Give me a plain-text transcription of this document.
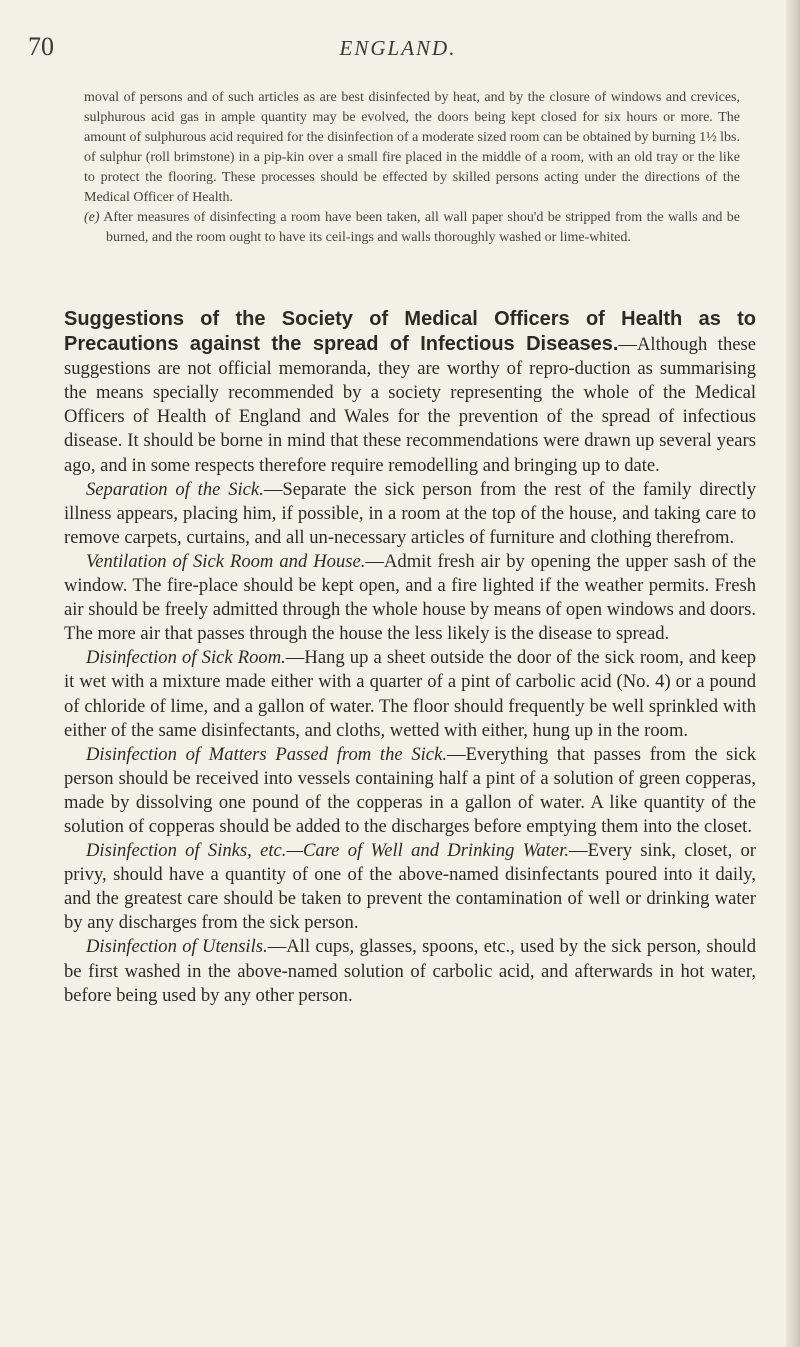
70	ENGLAND.

moval of persons and of such articles as are best disinfected by heat, and by the closure of windows and crevices, sulphurous acid gas in ample quantity may be evolved, the doors being kept closed for six hours or more. The amount of sulphurous acid required for the disinfection of a moderate sized room can be obtained by burning 1½ lbs. of sulphur (roll brimstone) in a pip-kin over a small fire placed in the middle of a room, with an old tray or the like to protect the flooring. These processes should be effected by skilled persons acting under the directions of the Medical Officer of Health.

(e) After measures of disinfecting a room have been taken, all wall paper shou'd be stripped from the walls and be burned, and the room ought to have its ceil-ings and walls thoroughly washed or lime-whited.

Suggestions of the Society of Medical Officers of Health as to Precautions against the spread of Infectious Diseases.—Although these suggestions are not official memoranda, they are worthy of repro-duction as summarising the means specially recommended by a society representing the whole of the Medical Officers of Health of England and Wales for the prevention of the spread of infectious disease. It should be borne in mind that these recommendations were drawn up several years ago, and in some respects therefore require remodelling and bringing up to date.

Separation of the Sick.—Separate the sick person from the rest of the family directly illness appears, placing him, if possible, in a room at the top of the house, and taking care to remove carpets, curtains, and all un-necessary articles of furniture and clothing therefrom.

Ventilation of Sick Room and House.—Admit fresh air by opening the upper sash of the window. The fire-place should be kept open, and a fire lighted if the weather permits. Fresh air should be freely admitted through the whole house by means of open windows and doors. The more air that passes through the house the less likely is the disease to spread.

Disinfection of Sick Room.—Hang up a sheet outside the door of the sick room, and keep it wet with a mixture made either with a quarter of a pint of carbolic acid (No. 4) or a pound of chloride of lime, and a gallon of water. The floor should frequently be well sprinkled with either of the same disinfectants, and cloths, wetted with either, hung up in the room.

Disinfection of Matters Passed from the Sick.—Everything that passes from the sick person should be received into vessels containing half a pint of a solution of green copperas, made by dissolving one pound of the copperas in a gallon of water. A like quantity of the solution of copperas should be added to the discharges before emptying them into the closet.

Disinfection of Sinks, etc.—Care of Well and Drinking Water.—Every sink, closet, or privy, should have a quantity of one of the above-named disinfectants poured into it daily, and the greatest care should be taken to prevent the contamination of well or drinking water by any discharges from the sick person.

Disinfection of Utensils.—All cups, glasses, spoons, etc., used by the sick person, should be first washed in the above-named solution of carbolic acid, and afterwards in hot water, before being used by any other person.
